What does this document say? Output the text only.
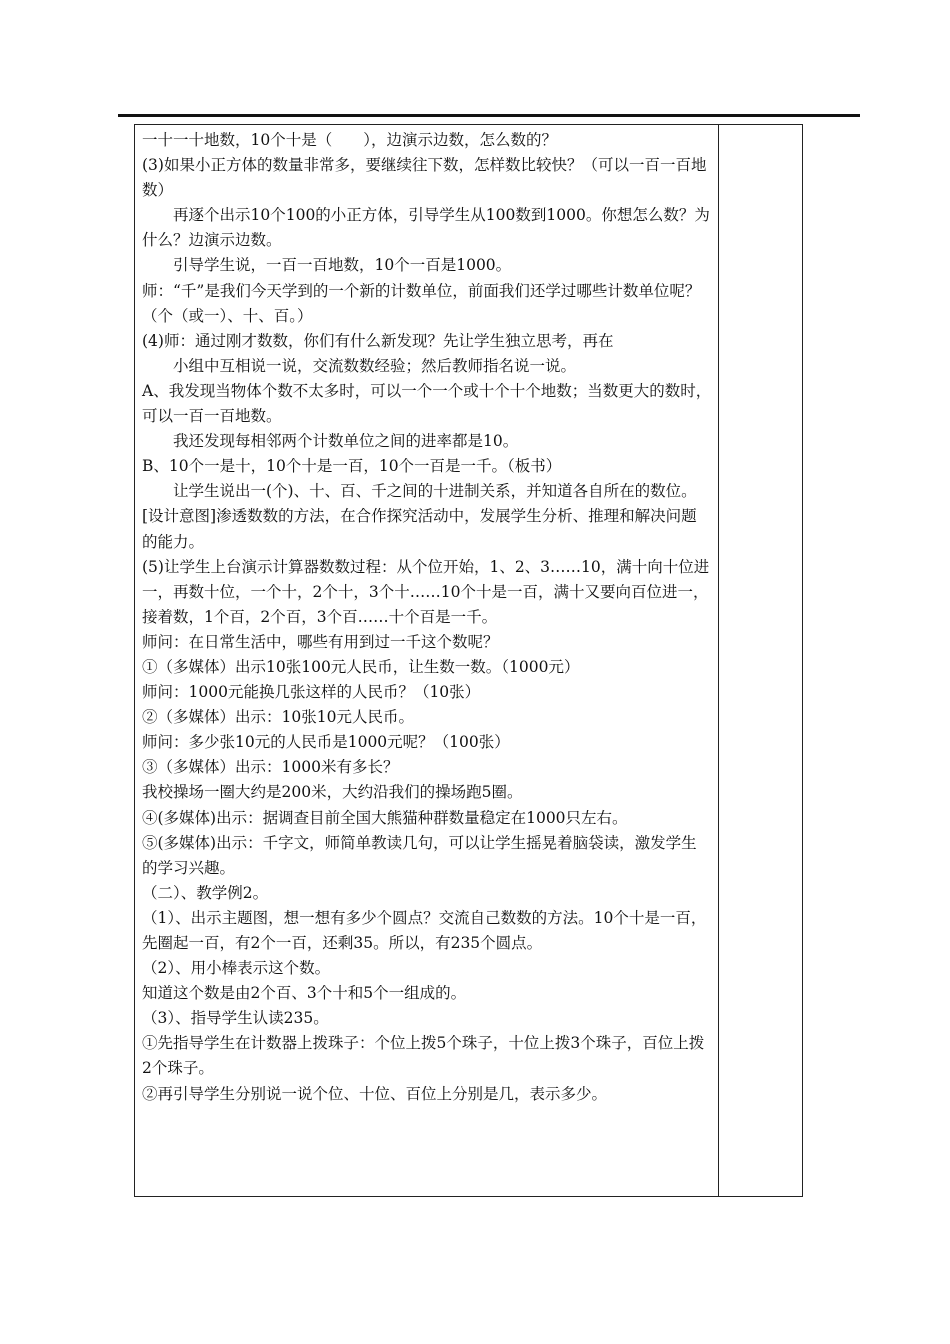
一十一十地数，10个十是（　　），边演示边数，怎么数的？

(3)如果小正方体的数量非常多，要继续往下数，怎样数比较快？（可以一百一百地数）

再逐个出示10个100的小正方体，引导学生从100数到1000。你想怎么数？为什么？边演示边数。

引导学生说，一百一百地数，10个一百是1000。

师：“千”是我们今天学到的一个新的计数单位，前面我们还学过哪些计数单位呢？（个（或一）、十、百。）

(4)师：通过刚才数数，你们有什么新发现？先让学生独立思考，再在

小组中互相说一说，交流数数经验；然后教师指名说一说。

A、我发现当物体个数不太多时，可以一个一个或十个十个地数；当数更大的数时，可以一百一百地数。

我还发现每相邻两个计数单位之间的进率都是10。

B、10个一是十，10个十是一百，10个一百是一千。（板书）

让学生说出一(个)、十、百、千之间的十进制关系，并知道各自所在的数位。

[设计意图]渗透数数的方法，在合作探究活动中，发展学生分析、推理和解决问题的能力。

(5)让学生上台演示计算器数数过程：从个位开始，1、2、3……10，满十向十位进一，再数十位，一个十，2个十，3个十……10个十是一百，满十又要向百位进一，接着数，1个百，2个百，3个百……十个百是一千。

师问：在日常生活中，哪些有用到过一千这个数呢？

①（多媒体）出示10张100元人民币，让生数一数。（1000元）

师问：1000元能换几张这样的人民币？（10张）

②（多媒体）出示：10张10元人民币。

师问：多少张10元的人民币是1000元呢？（100张）

③（多媒体）出示：1000米有多长？

我校操场一圈大约是200米，大约沿我们的操场跑5圈。

④(多媒体)出示：据调查目前全国大熊猫种群数量稳定在1000只左右。

⑤(多媒体)出示：千字文，师简单教读几句，可以让学生摇晃着脑袋读，激发学生的学习兴趣。

（二）、教学例2。

（1）、出示主题图，想一想有多少个圆点？交流自己数数的方法。10个十是一百，先圈起一百，有2个一百，还剩35。所以，有235个圆点。

（2）、用小棒表示这个数。

知道这个数是由2个百、3个十和5个一组成的。

（3）、指导学生认读235。

①先指导学生在计数器上拨珠子：个位上拨5个珠子，十位上拨3个珠子，百位上拨2个珠子。

②再引导学生分别说一说个位、十位、百位上分别是几，表示多少。
